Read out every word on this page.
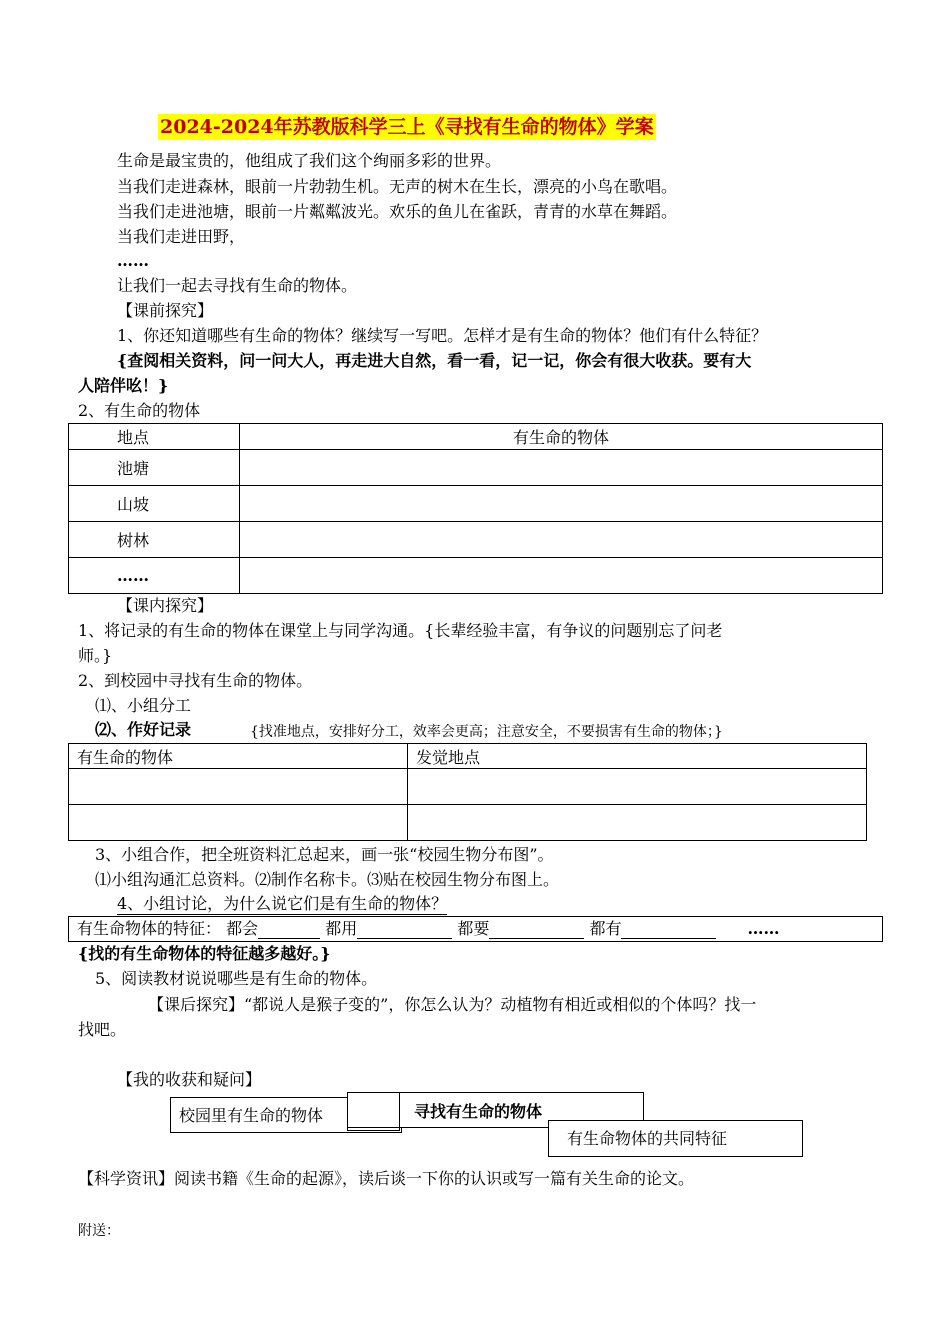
2024-2024年苏教版科学三上《寻找有生命的物体》学案
生命是最宝贵的，他组成了我们这个绚丽多彩的世界。
当我们走进森林，眼前一片勃勃生机。无声的树木在生长，漂亮的小鸟在歌唱。
当我们走进池塘，眼前一片粼粼波光。欢乐的鱼儿在雀跃，青青的水草在舞蹈。
当我们走进田野，
……
让我们一起去寻找有生命的物体。
【课前探究】
1、你还知道哪些有生命的物体？继续写一写吧。怎样才是有生命的物体？他们有什么特征？
{查阅相关资料，问一问大人，再走进大自然，看一看，记一记，你会有很大收获。要有大
人陪伴吆！}
2、有生命的物体
地点	有生命的物体
池塘	
山坡	
树林	
……	
【课内探究】
1、将记录的有生命的物体在课堂上与同学沟通。{长辈经验丰富，有争议的问题别忘了问老
师。}
2、到校园中寻找有生命的物体。
⑴、小组分工
⑵、作好记录	{找准地点，安排好分工，效率会更高；注意安全，不要损害有生命的物体；}
有生命的物体	发觉地点

3、小组合作，把全班资料汇总起来，画一张“校园生物分布图”。
⑴小组沟通汇总资料。⑵制作名称卡。⑶贴在校园生物分布图上。
4、小组讨论，为什么说它们是有生命的物体？
有生命物体的特征： 都会	都用	都要	都有	……
{找的有生命物体的特征越多越好。}
5、阅读教材说说哪些是有生命的物体。
【课后探究】“都说人是猴子变的”，你怎么认为？动植物有相近或相似的个体吗？找一
找吧。
【我的收获和疑问】
校园里有生命的物体	寻找有生命的物体
有生命物体的共同特征
【科学资讯】阅读书籍《生命的起源》，读后谈一下你的认识或写一篇有关生命的论文。
附送：
